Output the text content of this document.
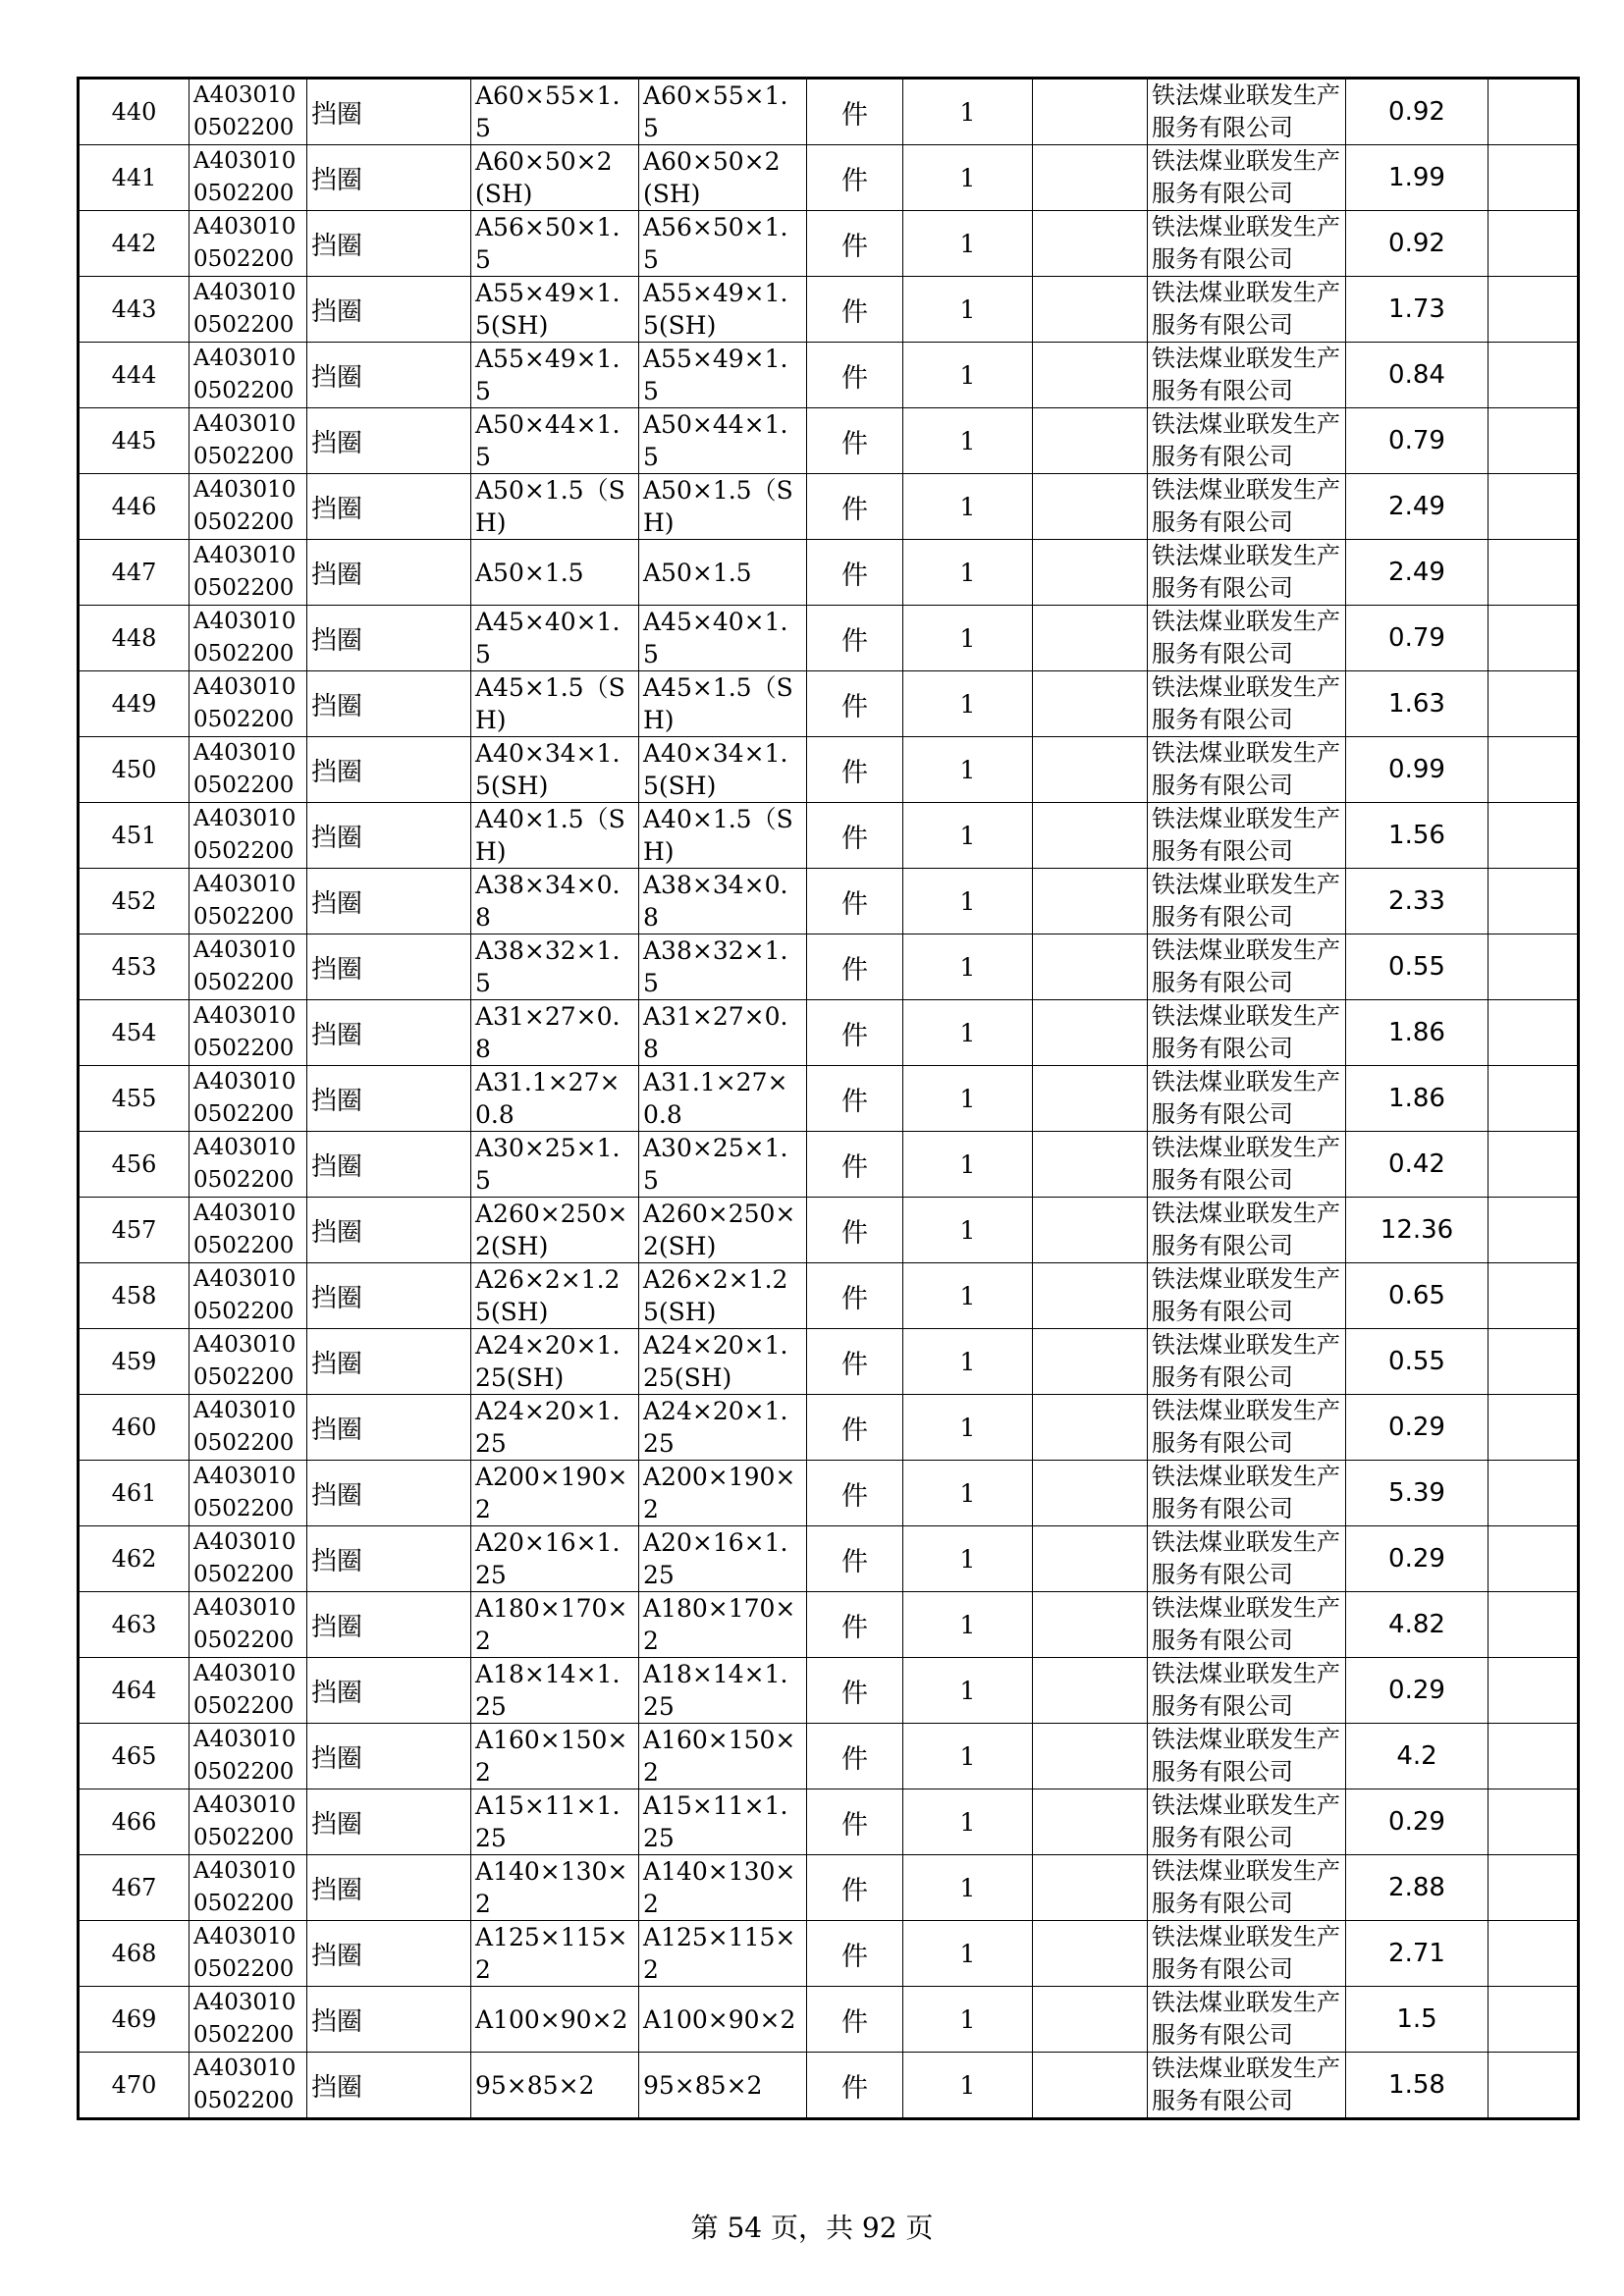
440	A4030100502200	挡圈	A60×55×1.5	A60×55×1.5	件	1		铁法煤业联发生产服务有限公司	0.92	
441	A4030100502200	挡圈	A60×50×2(SH)	A60×50×2(SH)	件	1		铁法煤业联发生产服务有限公司	1.99	
442	A4030100502200	挡圈	A56×50×1.5	A56×50×1.5	件	1		铁法煤业联发生产服务有限公司	0.92	
443	A4030100502200	挡圈	A55×49×1.5(SH)	A55×49×1.5(SH)	件	1		铁法煤业联发生产服务有限公司	1.73	
444	A4030100502200	挡圈	A55×49×1.5	A55×49×1.5	件	1		铁法煤业联发生产服务有限公司	0.84	
445	A4030100502200	挡圈	A50×44×1.5	A50×44×1.5	件	1		铁法煤业联发生产服务有限公司	0.79	
446	A4030100502200	挡圈	A50×1.5（SH)	A50×1.5（SH)	件	1		铁法煤业联发生产服务有限公司	2.49	
447	A4030100502200	挡圈	A50×1.5	A50×1.5	件	1		铁法煤业联发生产服务有限公司	2.49	
448	A4030100502200	挡圈	A45×40×1.5	A45×40×1.5	件	1		铁法煤业联发生产服务有限公司	0.79	
449	A4030100502200	挡圈	A45×1.5（SH)	A45×1.5（SH)	件	1		铁法煤业联发生产服务有限公司	1.63	
450	A4030100502200	挡圈	A40×34×1.5(SH)	A40×34×1.5(SH)	件	1		铁法煤业联发生产服务有限公司	0.99	
451	A4030100502200	挡圈	A40×1.5（SH)	A40×1.5（SH)	件	1		铁法煤业联发生产服务有限公司	1.56	
452	A4030100502200	挡圈	A38×34×0.8	A38×34×0.8	件	1		铁法煤业联发生产服务有限公司	2.33	
453	A4030100502200	挡圈	A38×32×1.5	A38×32×1.5	件	1		铁法煤业联发生产服务有限公司	0.55	
454	A4030100502200	挡圈	A31×27×0.8	A31×27×0.8	件	1		铁法煤业联发生产服务有限公司	1.86	
455	A4030100502200	挡圈	A31.1×27×0.8	A31.1×27×0.8	件	1		铁法煤业联发生产服务有限公司	1.86	
456	A4030100502200	挡圈	A30×25×1.5	A30×25×1.5	件	1		铁法煤业联发生产服务有限公司	0.42	
457	A4030100502200	挡圈	A260×250×2(SH)	A260×250×2(SH)	件	1		铁法煤业联发生产服务有限公司	12.36	
458	A4030100502200	挡圈	A26×2×1.25(SH)	A26×2×1.25(SH)	件	1		铁法煤业联发生产服务有限公司	0.65	
459	A4030100502200	挡圈	A24×20×1.25(SH)	A24×20×1.25(SH)	件	1		铁法煤业联发生产服务有限公司	0.55	
460	A4030100502200	挡圈	A24×20×1.25	A24×20×1.25	件	1		铁法煤业联发生产服务有限公司	0.29	
461	A4030100502200	挡圈	A200×190×2	A200×190×2	件	1		铁法煤业联发生产服务有限公司	5.39	
462	A4030100502200	挡圈	A20×16×1.25	A20×16×1.25	件	1		铁法煤业联发生产服务有限公司	0.29	
463	A4030100502200	挡圈	A180×170×2	A180×170×2	件	1		铁法煤业联发生产服务有限公司	4.82	
464	A4030100502200	挡圈	A18×14×1.25	A18×14×1.25	件	1		铁法煤业联发生产服务有限公司	0.29	
465	A4030100502200	挡圈	A160×150×2	A160×150×2	件	1		铁法煤业联发生产服务有限公司	4.2	
466	A4030100502200	挡圈	A15×11×1.25	A15×11×1.25	件	1		铁法煤业联发生产服务有限公司	0.29	
467	A4030100502200	挡圈	A140×130×2	A140×130×2	件	1		铁法煤业联发生产服务有限公司	2.88	
468	A4030100502200	挡圈	A125×115×2	A125×115×2	件	1		铁法煤业联发生产服务有限公司	2.71	
469	A4030100502200	挡圈	A100×90×2	A100×90×2	件	1		铁法煤业联发生产服务有限公司	1.5	
470	A4030100502200	挡圈	95×85×2	95×85×2	件	1		铁法煤业联发生产服务有限公司	1.58	
第 54 页，共 92 页
